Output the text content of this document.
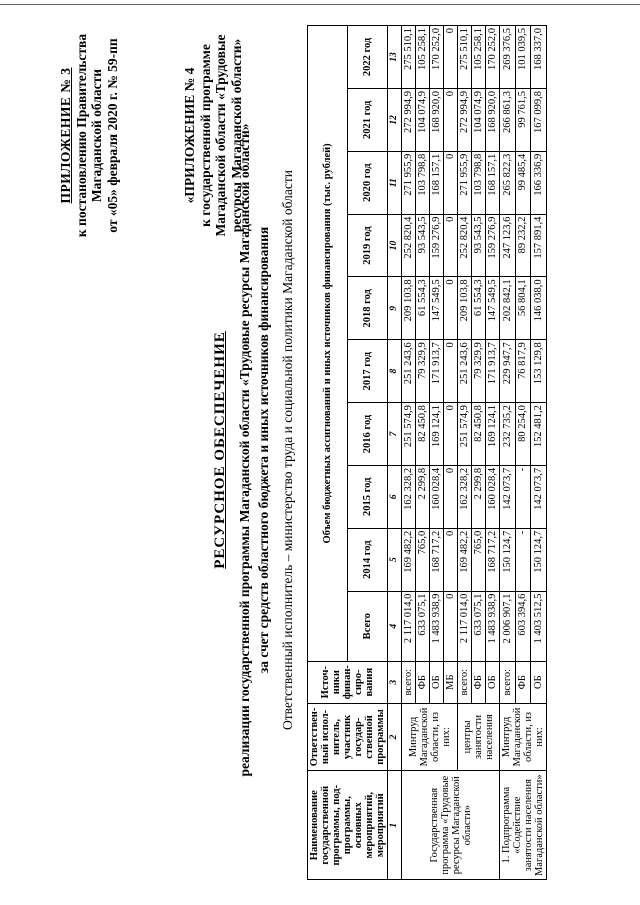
ПРИЛОЖЕНИЕ № 3 к постановлению Правительства Магаданской области от «05» февраля 2020 г. № 59-пп	«ПРИЛОЖЕНИЕ № 4 к государственной программе Магаданской области «Трудовые ресурсы Магаданской области»
РЕСУРСНОЕ ОБЕСПЕЧЕНИЕ реализации государственной программы Магаданской области «Трудовые ресурсы Магаданской области» за счет средств областного бюджета и иных источников финансирования Ответственный исполнитель – министерство труда и социальной политики Магаданской области
Наименование государственной программы, под-программы, основных мероприятий, мероприятий	Ответствен-ный испол-нитель, участник государ-ственной программы	Источ-ники финан-сиро-вания	Объем бюджетных ассигнований и иных источников финансирования (тыс. рублей)									
			Всего	2014 год	2015 год	2016 год	2017 год	2018 год	2019 год	2020 год	2021 год	2022 год
1	2	3	4	5	6	7	8	9	10	11	12	13
Государственная программа «Трудовые ресурсы Магаданской области»	Минтруд Магаданской области, из них:	всего:	2 117 014,0	169 482,2	162 328,2	251 574,9	251 243,6	209 103,8	252 820,4	271 955,9	272 994,9	275 510,1
		ФБ	633 075,1	765,0	2 299,8	82 450,8	79 329,9	61 554,3	93 543,5	103 798,8	104 074,9	105 258,1
		ОБ	1 483 938,9	168 717,2	160 028,4	169 124,1	171 913,7	147 549,5	159 276,9	168 157,1	168 920,0	170 252,0
		МБ	0	0	0	0	0	0	0	0	0	0
	центры занятости населения	всего:	2 117 014,0	169 482,2	162 328,2	251 574,9	251 243,6	209 103,8	252 820,4	271 955,9	272 994,9	275 510,1
		ФБ	633 075,1	765,0	2 299,8	82 450,8	79 329,9	61 554,3	93 543,5	103 798,8	104 074,9	105 258,1
		ОБ	1 483 938,9	168 717,2	160 028,4	169 124,1	171 913,7	147 549,5	159 276,9	168 157,1	168 920,0	170 252,0
1. Подпрограмма «Содействие занятости населения Магаданской области»	Минтруд Магаданской области, из них:	всего:	2 006 907,1	150 124,7	142 073,7	232 735,2	229 947,7	202 842,1	247 123,6	265 822,3	266 861,3	269 376,5
		ФБ	603 394,6	-	-	80 254,0	76 817,9	56 804,1	89 232,2	99 485,4	99 761,5	101 039,5
		ОБ	1 403 512,5	150 124,7	142 073,7	152 481,2	153 129,8	146 038,0	157 891,4	166 336,9	167 099,8	168 337,0
